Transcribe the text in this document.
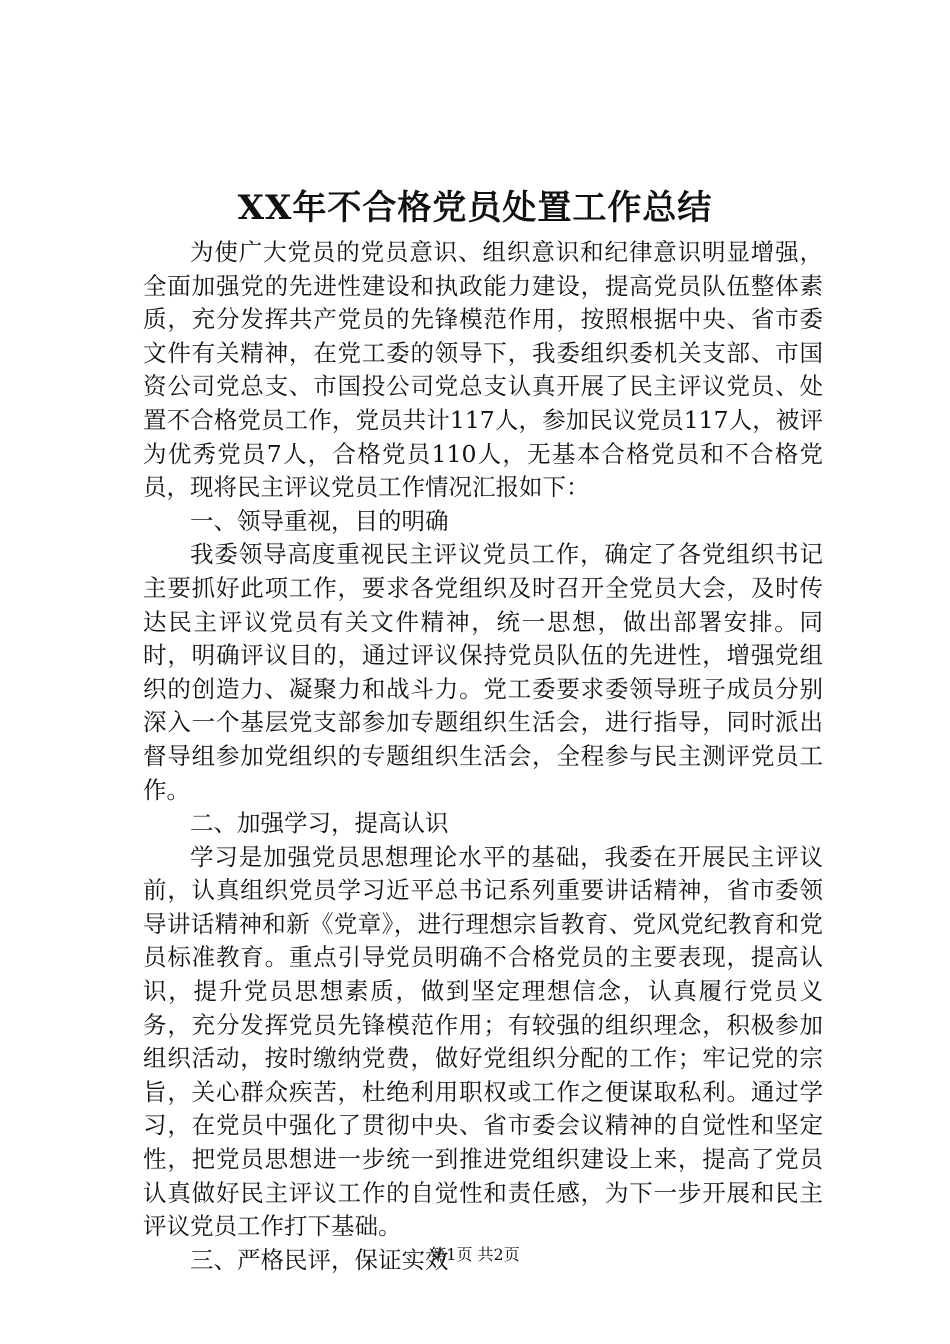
XX年不合格党员处置工作总结

为使广大党员的党员意识、组织意识和纪律意识明显增强，全面加强党的先进性建设和执政能力建设，提高党员队伍整体素质，充分发挥共产党员的先锋模范作用，按照根据中央、省市委文件有关精神，在党工委的领导下，我委组织委机关支部、市国资公司党总支、市国投公司党总支认真开展了民主评议党员、处置不合格党员工作，党员共计117人，参加民议党员117人，被评为优秀党员7人，合格党员110人，无基本合格党员和不合格党员，现将民主评议党员工作情况汇报如下：

一、领导重视，目的明确

我委领导高度重视民主评议党员工作，确定了各党组织书记主要抓好此项工作，要求各党组织及时召开全党员大会，及时传达民主评议党员有关文件精神，统一思想，做出部署安排。同时，明确评议目的，通过评议保持党员队伍的先进性，增强党组织的创造力、凝聚力和战斗力。党工委要求委领导班子成员分别深入一个基层党支部参加专题组织生活会，进行指导，同时派出督导组参加党组织的专题组织生活会，全程参与民主测评党员工作。

二、加强学习，提高认识

学习是加强党员思想理论水平的基础，我委在开展民主评议前，认真组织党员学习近平总书记系列重要讲话精神，省市委领导讲话精神和新《党章》，进行理想宗旨教育、党风党纪教育和党员标准教育。重点引导党员明确不合格党员的主要表现，提高认识，提升党员思想素质，做到坚定理想信念，认真履行党员义务，充分发挥党员先锋模范作用；有较强的组织理念，积极参加组织活动，按时缴纳党费，做好党组织分配的工作；牢记党的宗旨，关心群众疾苦，杜绝利用职权或工作之便谋取私利。通过学习，在党员中强化了贯彻中央、省市委会议精神的自觉性和坚定性，把党员思想进一步统一到推进党组织建设上来，提高了党员认真做好民主评议工作的自觉性和责任感，为下一步开展和民主评议党员工作打下基础。

三、严格民评，保证实效

第1页 共2页
